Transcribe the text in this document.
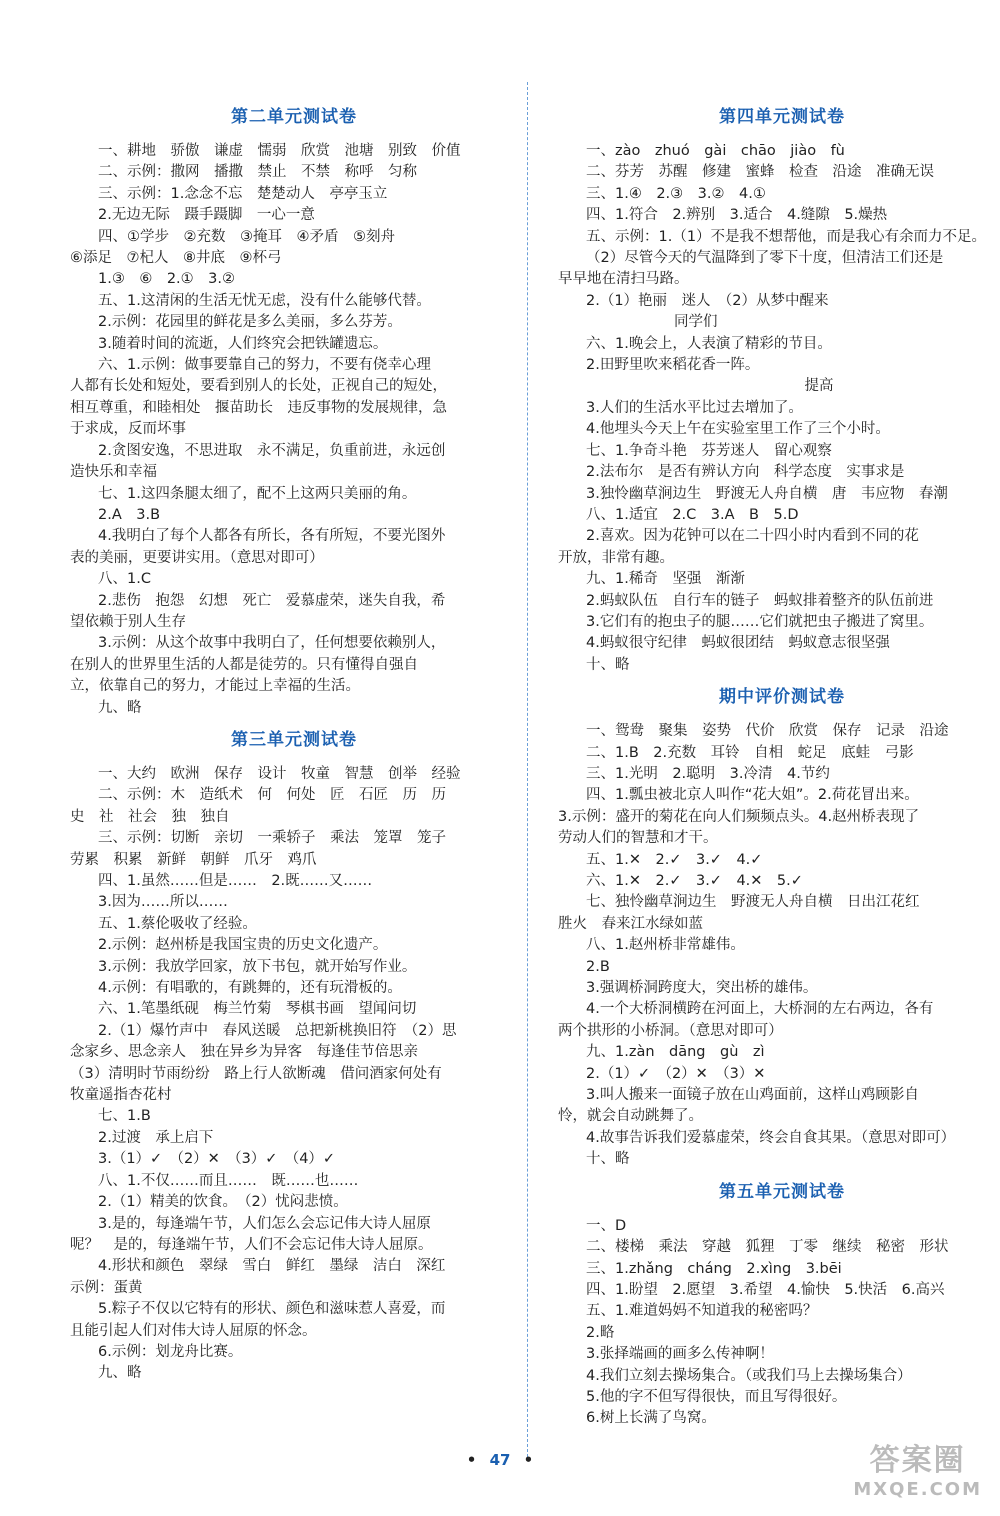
第二单元测试卷
一、耕地　骄傲　谦虚　懦弱　欣赏　池塘　别致　价值
二、示例：撒网　播撒　禁止　不禁　称呼　匀称
三、示例：1.念念不忘　楚楚动人　亭亭玉立
2.无边无际　蹑手蹑脚　一心一意
四、①学步　②充数　③掩耳　④矛盾　⑤刻舟
⑥添足　⑦杞人　⑧井底　⑨杯弓
1.③　⑥　2.①　3.②
五、1.这清闲的生活无忧无虑，没有什么能够代替。
2.示例：花园里的鲜花是多么美丽，多么芬芳。
3.随着时间的流逝，人们终究会把铁罐遗忘。
六、1.示例：做事要靠自己的努力，不要有侥幸心理
人都有长处和短处，要看到别人的长处，正视自己的短处，
相互尊重，和睦相处　揠苗助长　违反事物的发展规律，急
于求成，反而坏事
2.贪图安逸，不思进取　永不满足，负重前进，永远创
造快乐和幸福
七、1.这四条腿太细了，配不上这两只美丽的角。
2.A　3.B
4.我明白了每个人都各有所长，各有所短，不要光图外
表的美丽，更要讲实用。（意思对即可）
八、1.C
2.悲伤　抱怨　幻想　死亡　爱慕虚荣，迷失自我，希
望依赖于别人生存
3.示例：从这个故事中我明白了，任何想要依赖别人，
在别人的世界里生活的人都是徒劳的。只有懂得自强自
立，依靠自己的努力，才能过上幸福的生活。
九、略
第三单元测试卷
一、大约　欧洲　保存　设计　牧童　智慧　创举　经验
二、示例：木　造纸术　何　何处　匠　石匠　历　历
史　社　社会　独　独自
三、示例：切断　亲切　一乘轿子　乘法　笼罩　笼子
劳累　积累　新鲜　朝鲜　爪牙　鸡爪
四、1.虽然……但是……　2.既……又……
3.因为……所以……
五、1.蔡伦吸收了经验。
2.示例：赵州桥是我国宝贵的历史文化遗产。
3.示例：我放学回家，放下书包，就开始写作业。
4.示例：有唱歌的，有跳舞的，还有玩滑板的。
六、1.笔墨纸砚　梅兰竹菊　琴棋书画　望闻问切
2.（1）爆竹声中　春风送暖　总把新桃换旧符　（2）思
念家乡、思念亲人　独在异乡为异客　每逢佳节倍思亲
（3）清明时节雨纷纷　路上行人欲断魂　借问酒家何处有
牧童遥指杏花村
七、1.B
2.过渡　承上启下
3.（1）✓　（2）✕　（3）✓　（4）✓
八、1.不仅……而且……　既……也……
2.（1）精美的饮食。　（2）忧闷悲愤。
3.是的，每逢端午节，人们怎么会忘记伟大诗人屈原
呢？　是的，每逢端午节，人们不会忘记伟大诗人屈原。
4.形状和颜色　翠绿　雪白　鲜红　墨绿　洁白　深红
示例：蛋黄
5.粽子不仅以它特有的形状、颜色和滋味惹人喜爱，而
且能引起人们对伟大诗人屈原的怀念。
6.示例：划龙舟比赛。
九、略
第四单元测试卷
一、zào　zhuó　gài　chāo　jiào　fù
二、芬芳　苏醒　修建　蜜蜂　检查　沿途　准确无误
三、1.④　2.③　3.②　4.①
四、1.符合　2.辨别　3.适合　4.缝隙　5.燥热
五、示例：1.（1）不是我不想帮他，而是我心有余而力不足。
（2）尽管今天的气温降到了零下十度，但清洁工们还是
早早地在清扫马路。
2.（1）艳丽　迷人　（2）从梦中醒来
　　　　　　　　同学们
六、1.晚会上，人表演了精彩的节目。
2.田野里吹来稻花香一阵。
　　　　　　　　　　　　　　　　　提高
3.人们的生活水平比过去增加了。
4.他埋头今天上午在实验室里工作了三个小时。
七、1.争奇斗艳　芬芳迷人　留心观察
2.法布尔　是否有辨认方向　科学态度　实事求是
3.独怜幽草涧边生　野渡无人舟自横　唐　韦应物　春潮
八、1.适宜　2.C　3.A　B　5.D
2.喜欢。因为花钟可以在二十四小时内看到不同的花
开放，非常有趣。
九、1.稀奇　坚强　渐渐
2.蚂蚁队伍　自行车的链子　蚂蚁排着整齐的队伍前进
3.它们有的抱虫子的腿……它们就把虫子搬进了窝里。
4.蚂蚁很守纪律　蚂蚁很团结　蚂蚁意志很坚强
十、略
期中评价测试卷
一、鸳鸯　聚集　姿势　代价　欣赏　保存　记录　沿途
二、1.B　2.充数　耳铃　自相　蛇足　底蛙　弓影
三、1.光明　2.聪明　3.冷清　4.节约
四、1.瓢虫被北京人叫作“花大姐”。2.荷花冒出来。
3.示例：盛开的菊花在向人们频频点头。4.赵州桥表现了
劳动人们的智慧和才干。
五、1.✕　2.✓　3.✓　4.✓
六、1.✕　2.✓　3.✓　4.✕　5.✓
七、独怜幽草涧边生　野渡无人舟自横　日出江花红
胜火　春来江水绿如蓝
八、1.赵州桥非常雄伟。
2.B
3.强调桥洞跨度大，突出桥的雄伟。
4.一个大桥洞横跨在河面上，大桥洞的左右两边，各有
两个拱形的小桥洞。（意思对即可）
九、1.zàn　dāng　gù　zì
2.（1）✓　（2）✕　（3）✕
3.叫人搬来一面镜子放在山鸡面前，这样山鸡顾影自
怜，就会自动跳舞了。
4.故事告诉我们爱慕虚荣，终会自食其果。（意思对即可）
十、略
第五单元测试卷
一、D
二、楼梯　乘法　穿越　狐狸　丁零　继续　秘密　形状
三、1.zhǎng　cháng　2.xìng　3.bēi
四、1.盼望　2.愿望　3.希望　4.愉快　5.快活　6.高兴
五、1.难道妈妈不知道我的秘密吗？
2.略
3.张择端画的画多么传神啊！
4.我们立刻去操场集合。（或我们马上去操场集合）
5.他的字不但写得很快，而且写得很好。
6.树上长满了鸟窝。
• 47 •	答案圈
MXQE.COM
